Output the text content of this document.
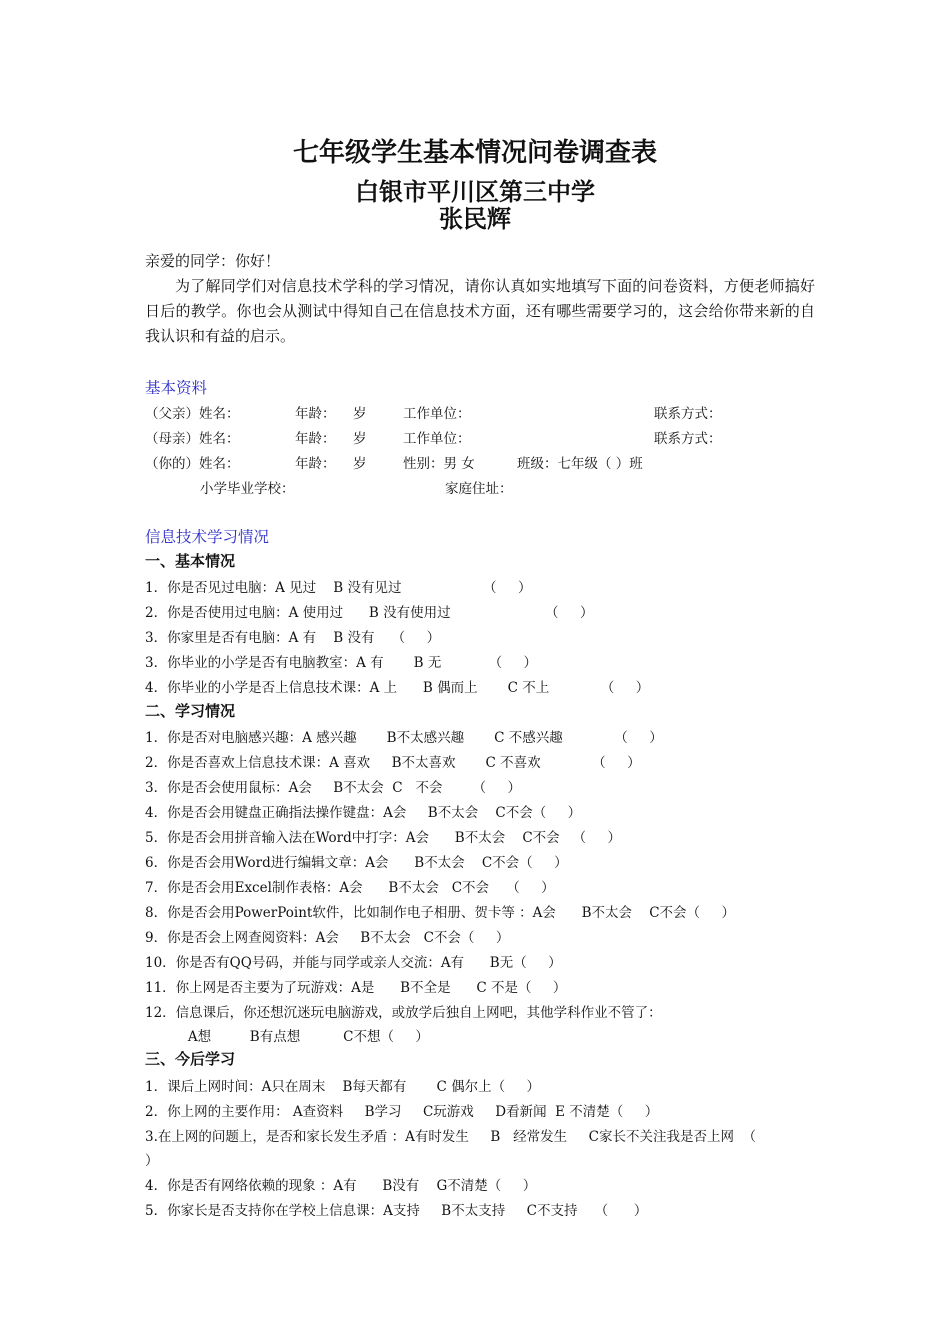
七年级学生基本情况问卷调查表
白银市平川区第三中学
张民辉

亲爱的同学：你好！

为了解同学们对信息技术学科的学习情况，请你认真如实地填写下面的问卷资料，方便老师搞好日后的教学。你也会从测试中得知自己在信息技术方面，还有哪些需要学习的，这会给你带来新的自我认识和有益的启示。

基本资料
（父亲）姓名：	年龄： 岁	工作单位：	联系方式：
（母亲）姓名：	年龄： 岁	工作单位：	联系方式：
（你的）姓名：	年龄： 岁	性别：男 女	班级：七年级（ ）班
小学毕业学校：	家庭住址：
信息技术学习情况
一、基本情况
1．你是否见过电脑：A 见过    B 没有见过                   （     ）
2．你是否使用过电脑：A 使用过      B 没有使用过                      （     ）
3．你家里是否有电脑：A 有    B 没有    （     ）
3．你毕业的小学是否有电脑教室：A 有       B 无           （     ）
4．你毕业的小学是否上信息技术课：A 上      B 偶而上       C 不上            （     ）
二、学习情况
1．你是否对电脑感兴趣：A 感兴趣       B不太感兴趣       C 不感兴趣            （     ）
2．你是否喜欢上信息技术课：A 喜欢     B不太喜欢       C 不喜欢            （     ）
3．你是否会使用鼠标：A会     B不太会  C   不会       （     ）
4．你是否会用键盘正确指法操作键盘：A会     B不太会    C不会（     ）
5．你是否会用拼音输入法在Word中打字：A会      B不太会    C不会   （     ）
6．你是否会用Word进行编辑文章：A会      B不太会    C不会（     ）
7．你是否会用Excel制作表格：A会      B不太会   C不会    （     ）
8．你是否会用PowerPoint软件，比如制作电子相册、贺卡等 ：A会      B不太会    C不会（     ）
9．你是否会上网查阅资料：A会     B不太会   C不会（     ）
10．你是否有QQ号码，并能与同学或亲人交流：A有      B无（     ）
11．你上网是否主要为了玩游戏：A是      B不全是      C 不是（     ）
12．信息课后，你还想沉迷玩电脑游戏，或放学后独自上网吧，其他学科作业不管了：
A想         B有点想          C不想（     ）
三、今后学习
1．课后上网时间：A只在周末    B每天都有       C 偶尔上（     ）
2．你上网的主要作用： A查资料     B学习     C玩游戏     D看新闻  E 不清楚（     ）
3.在上网的问题上，是否和家长发生矛盾 ：A有时发生     B   经常发生     C家长不关注我是否上网  （
）
4．你是否有网络依赖的现象 ：A有      B没有    G不清楚（     ）
5．你家长是否支持你在学校上信息课：A支持     B不太支持     C不支持    （      ）
